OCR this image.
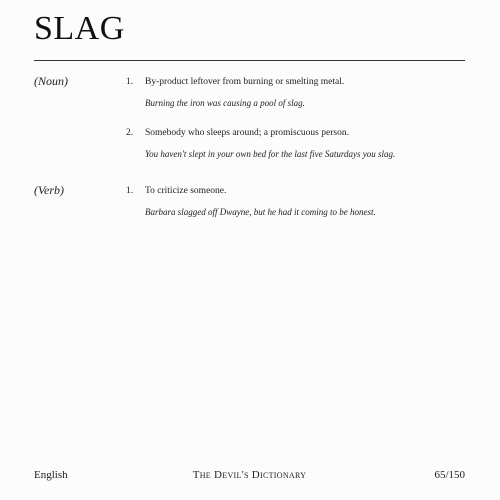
SLAG
(Noun)	1. By-product leftover from burning or smelting metal.
Burning the iron was causing a pool of slag.
2. Somebody who sleeps around; a promiscuous person.
You haven't slept in your own bed for the last five Saturdays you slag.
(Verb)	1. To criticize someone.
Barbara slagged off Dwayne, but he had it coming to be honest.
English	The Devil's Dictionary	65/150
